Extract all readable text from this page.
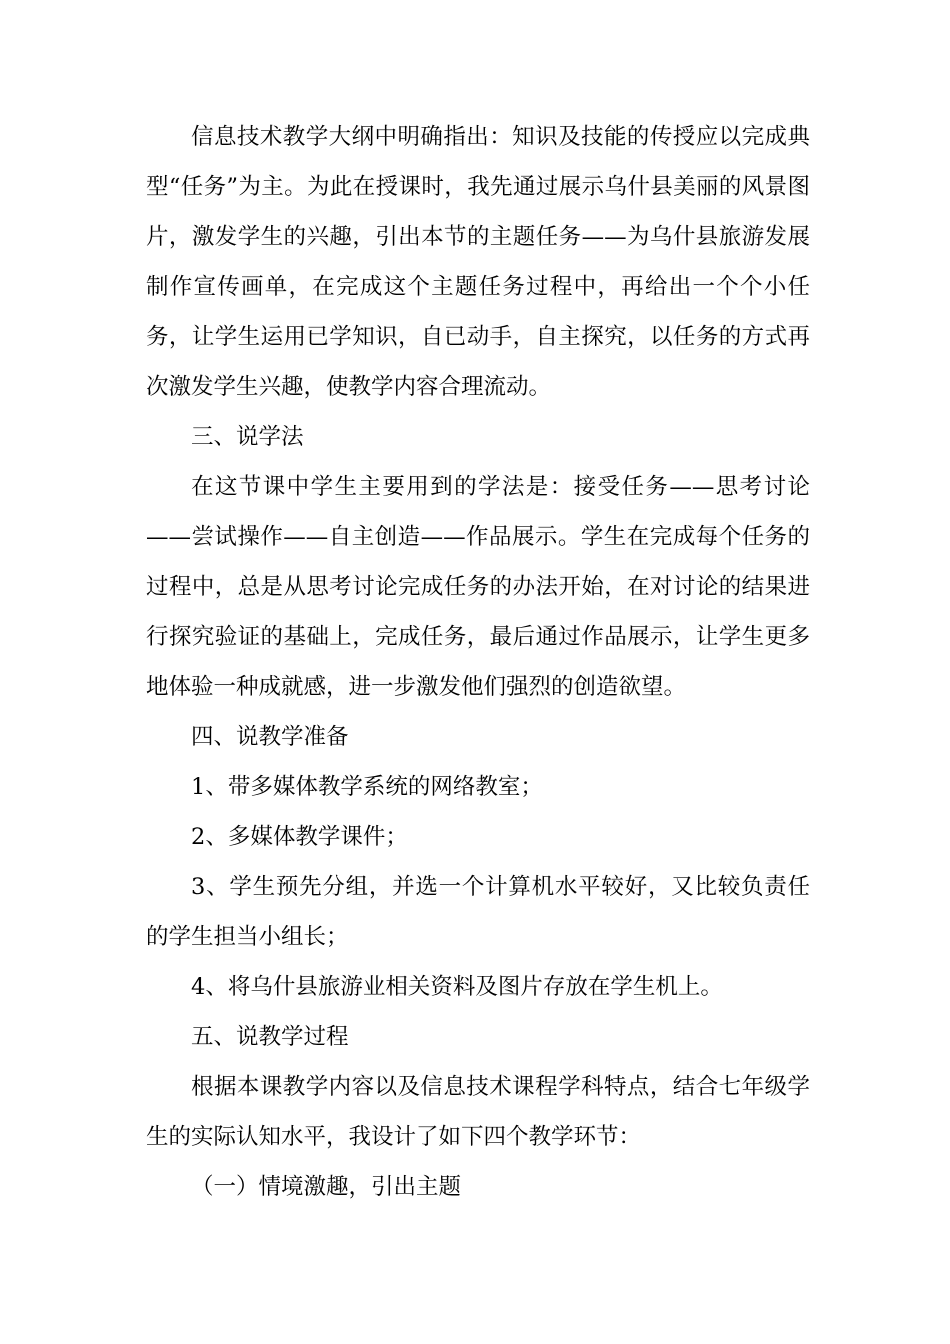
信息技术教学大纲中明确指出：知识及技能的传授应以完成典型“任务”为主。为此在授课时，我先通过展示乌什县美丽的风景图片，激发学生的兴趣，引出本节的主题任务——为乌什县旅游发展制作宣传画单，在完成这个主题任务过程中，再给出一个个小任务，让学生运用已学知识，自已动手，自主探究，以任务的方式再次激发学生兴趣，使教学内容合理流动。

三、说学法

在这节课中学生主要用到的学法是：接受任务——思考讨论——尝试操作——自主创造——作品展示。学生在完成每个任务的过程中，总是从思考讨论完成任务的办法开始，在对讨论的结果进行探究验证的基础上，完成任务，最后通过作品展示，让学生更多地体验一种成就感，进一步激发他们强烈的创造欲望。

四、说教学准备

1、带多媒体教学系统的网络教室；

2、多媒体教学课件；

3、学生预先分组，并选一个计算机水平较好，又比较负责任的学生担当小组长；

4、将乌什县旅游业相关资料及图片存放在学生机上。

五、说教学过程

根据本课教学内容以及信息技术课程学科特点，结合七年级学生的实际认知水平，我设计了如下四个教学环节：

（一）情境激趣，引出主题
